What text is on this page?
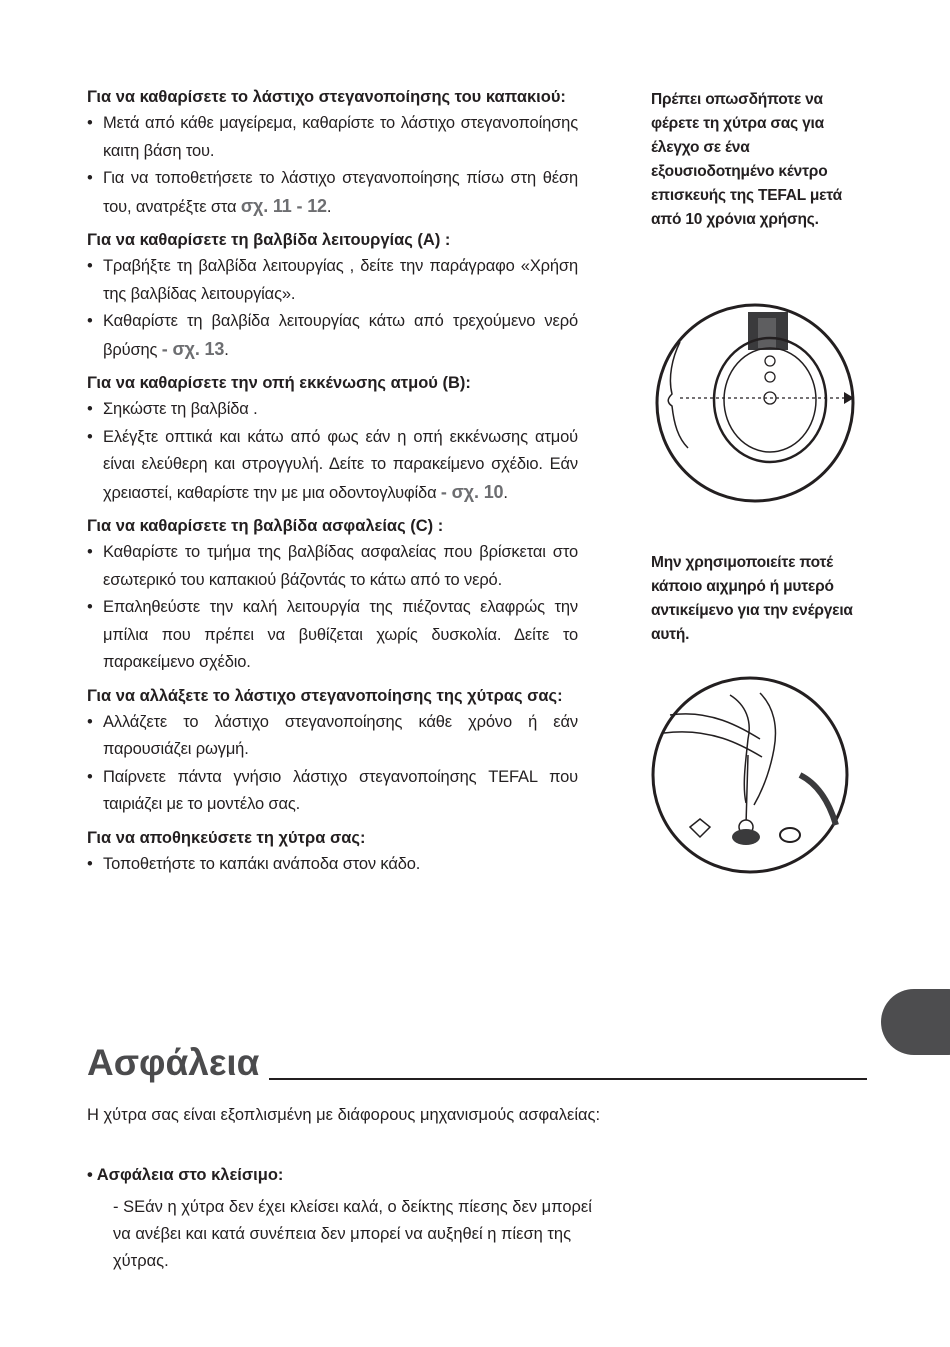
Για να καθαρίσετε το λάστιχο στεγανοποίησης του καπακιού:

• Μετά από κάθε μαγείρεμα, καθαρίστε το λάστιχο στεγανοποίησης καιτη βάση του.
• Για να τοποθετήσετε το λάστιχο στεγανοποίησης πίσω στη θέση του, ανατρέξτε στα σχ. 11 - 12.

Για να καθαρίσετε τη βαλβίδα λειτουργίας (A) :

• Τραβήξτε τη βαλβίδα λειτουργίας , δείτε την παράγραφο «Χρήση της βαλβίδας λειτουργίας».
• Καθαρίστε τη βαλβίδα λειτουργίας κάτω από τρεχούμενο νερό βρύσης - σχ. 13.

Για να καθαρίσετε την οπή εκκένωσης ατμού (B):

• Σηκώστε τη βαλβίδα .
• Ελέγξτε οπτικά και κάτω από φως εάν η οπή εκκένωσης ατμού είναι ελεύθερη και στρογγυλή. Δείτε το παρακείμενο σχέδιο. Εάν χρειαστεί, καθαρίστε την με μια οδοντογλυφίδα - σχ. 10.

Για να καθαρίσετε τη βαλβίδα ασφαλείας (C) :

• Καθαρίστε το τμήμα της βαλβίδας ασφαλείας που βρίσκεται στο εσωτερικό του καπακιού βάζοντάς το κάτω από το νερό.
• Επαληθεύστε την καλή λειτουργία της πιέζοντας ελαφρώς την μπίλια που πρέπει να βυθίζεται χωρίς δυσκολία. Δείτε το παρακείμενο σχέδιο.

Για να αλλάξετε το λάστιχο στεγανοποίησης της χύτρας σας:

• Αλλάζετε το λάστιχο στεγανοποίησης κάθε χρόνο ή εάν παρουσιάζει ρωγμή.
• Παίρνετε πάντα γνήσιο λάστιχο στεγανοποίησης TEFAL που ταιριάζει με το μοντέλο σας.

Για να αποθηκεύσετε τη χύτρα σας:

• Τοποθετήστε το καπάκι ανάποδα στον κάδο.
Πρέπει οπωσδήποτε να φέρετε τη χύτρα σας για έλεγχο σε ένα εξουσιοδοτημένο κέντρο επισκευής της TEFAL μετά από 10 χρόνια χρήσης.
Μην χρησιμοποιείτε ποτέ κάποιο αιχμηρό ή μυτερό αντικείμενο για την ενέργεια αυτή.
Ασφάλεια
Η χύτρα σας είναι εξοπλισμένη με διάφορους μηχανισμούς ασφαλείας:
• Ασφάλεια στο κλείσιμο:
- SEάν η χύτρα δεν έχει κλείσει καλά, ο δείκτης πίεσης δεν μπορεί να ανέβει και κατά συνέπεια δεν μπορεί να αυξηθεί η πίεση της χύτρας.
